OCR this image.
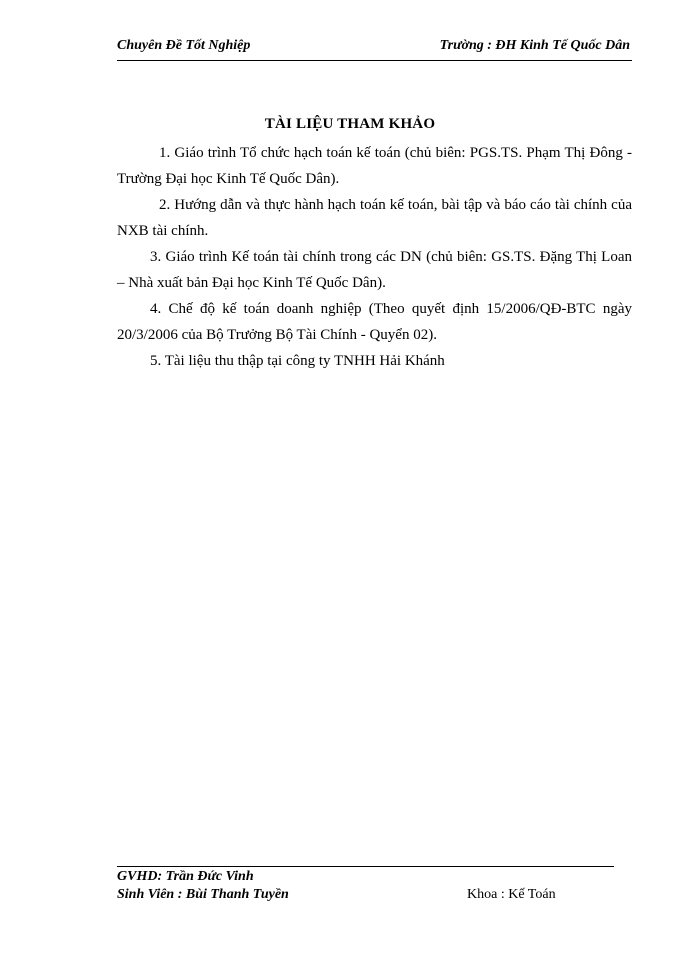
Chuyên Đề Tốt Nghiệp	Trường : ĐH Kinh Tế Quốc Dân
TÀI LIỆU THAM KHẢO

1. Giáo trình Tổ chức hạch toán kế toán (chủ biên: PGS.TS. Phạm Thị Đông - Trường Đại học Kinh Tế Quốc Dân).

2. Hướng dẫn và thực hành hạch toán kế toán, bài tập và báo cáo tài chính của NXB tài chính.

3. Giáo trình Kế toán tài chính trong các DN (chủ biên: GS.TS. Đặng Thị Loan – Nhà xuất bản Đại học Kinh Tế Quốc Dân).

4. Chế độ kế toán doanh nghiệp (Theo quyết định 15/2006/QĐ-BTC ngày 20/3/2006 của Bộ Trưởng Bộ Tài Chính - Quyển 02).

5. Tài liệu thu thập tại công ty TNHH Hải Khánh

GVHD: Trần Đức Vinh
Sinh Viên : Bùi Thanh Tuyền	Khoa : Kế Toán
